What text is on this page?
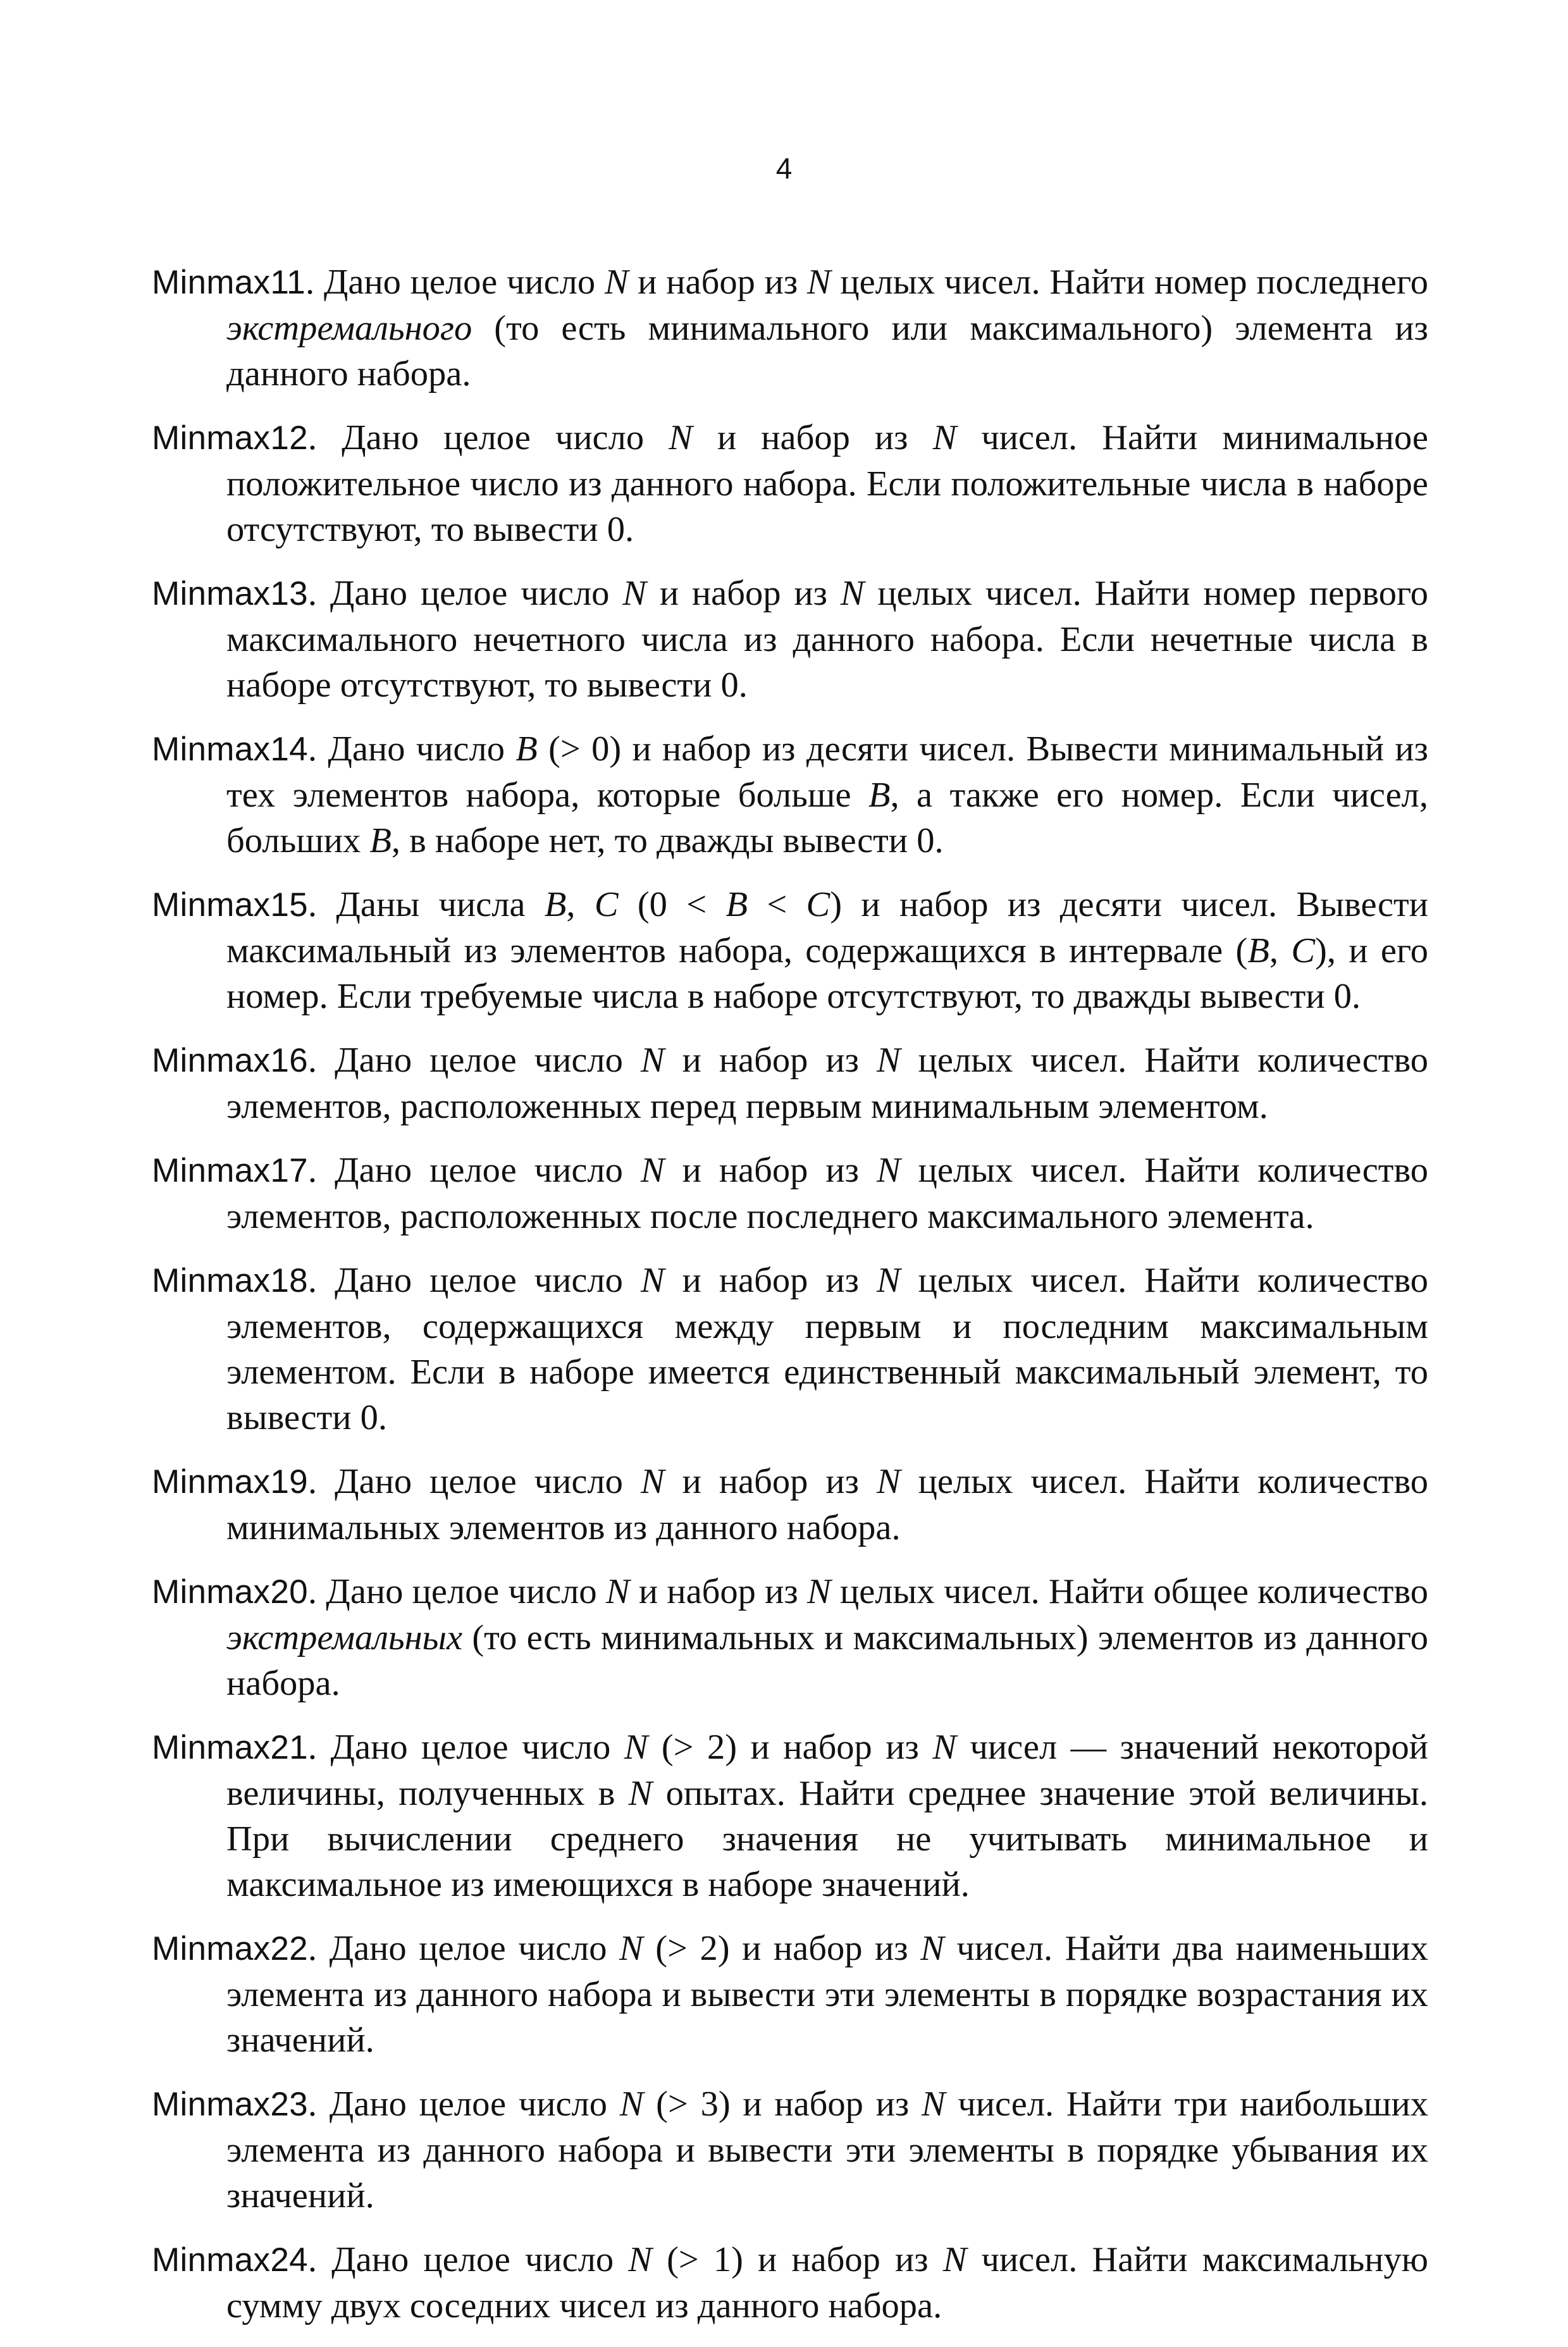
4

Minmax11. Дано целое число N и набор из N целых чисел. Найти номер последнего экстремального (то есть минимального или максимального) элемента из данного набора.

Minmax12. Дано целое число N и набор из N чисел. Найти минимальное положительное число из данного набора. Если положительные числа в наборе отсутствуют, то вывести 0.

Minmax13. Дано целое число N и набор из N целых чисел. Найти номер первого максимального нечетного числа из данного набора. Если нечетные числа в наборе отсутствуют, то вывести 0.

Minmax14. Дано число B (> 0) и набор из десяти чисел. Вывести минимальный из тех элементов набора, которые больше B, а также его номер. Если чисел, больших B, в наборе нет, то дважды вывести 0.

Minmax15. Даны числа B, C (0 < B < C) и набор из десяти чисел. Вывести максимальный из элементов набора, содержащихся в интервале (B, C), и его номер. Если требуемые числа в наборе отсутствуют, то дважды вывести 0.

Minmax16. Дано целое число N и набор из N целых чисел. Найти количество элементов, расположенных перед первым минимальным элементом.

Minmax17. Дано целое число N и набор из N целых чисел. Найти количество элементов, расположенных после последнего максимального элемента.

Minmax18. Дано целое число N и набор из N целых чисел. Найти количество элементов, содержащихся между первым и последним максимальным элементом. Если в наборе имеется единственный максимальный элемент, то вывести 0.

Minmax19. Дано целое число N и набор из N целых чисел. Найти количество минимальных элементов из данного набора.

Minmax20. Дано целое число N и набор из N целых чисел. Найти общее количество экстремальных (то есть минимальных и максимальных) элементов из данного набора.

Minmax21. Дано целое число N (> 2) и набор из N чисел — значений некоторой величины, полученных в N опытах. Найти среднее значение этой величины. При вычислении среднего значения не учитывать минимальное и максимальное из имеющихся в наборе значений.

Minmax22. Дано целое число N (> 2) и набор из N чисел. Найти два наименьших элемента из данного набора и вывести эти элементы в порядке возрастания их значений.

Minmax23. Дано целое число N (> 3) и набор из N чисел. Найти три наибольших элемента из данного набора и вывести эти элементы в порядке убывания их значений.

Minmax24. Дано целое число N (> 1) и набор из N чисел. Найти максимальную сумму двух соседних чисел из данного набора.
